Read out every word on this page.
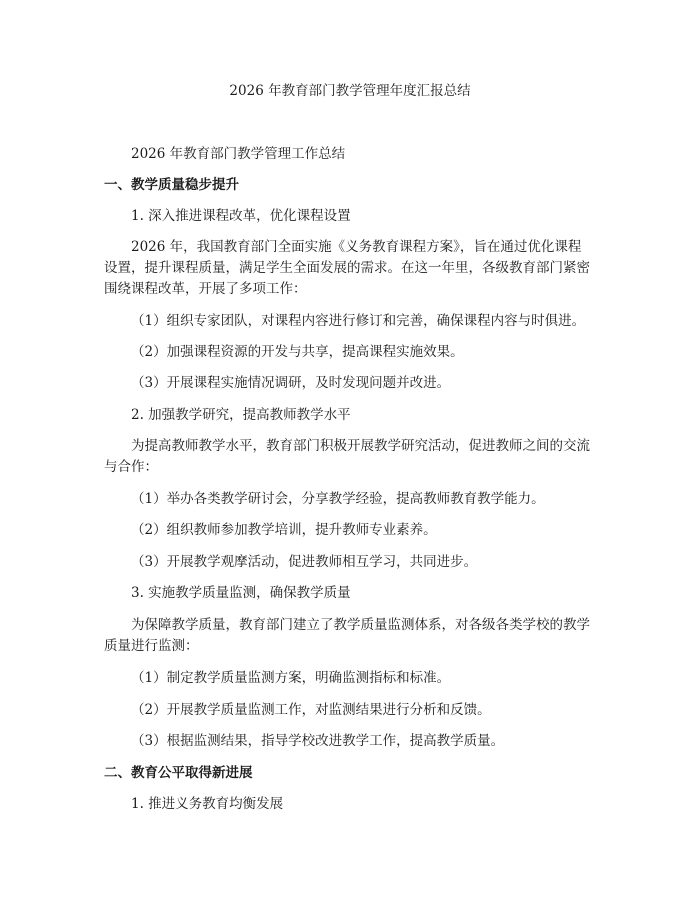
2026 年教育部门教学管理年度汇报总结
2026 年教育部门教学管理工作总结
一、教学质量稳步提升
1. 深入推进课程改革，优化课程设置
2026 年，我国教育部门全面实施《义务教育课程方案》，旨在通过优化课程
设置，提升课程质量，满足学生全面发展的需求。在这一年里，各级教育部门紧密
围绕课程改革，开展了多项工作：
（1）组织专家团队，对课程内容进行修订和完善，确保课程内容与时俱进。
（2）加强课程资源的开发与共享，提高课程实施效果。
（3）开展课程实施情况调研，及时发现问题并改进。
2. 加强教学研究，提高教师教学水平
为提高教师教学水平，教育部门积极开展教学研究活动，促进教师之间的交流
与合作：
（1）举办各类教学研讨会，分享教学经验，提高教师教育教学能力。
（2）组织教师参加教学培训，提升教师专业素养。
（3）开展教学观摩活动，促进教师相互学习，共同进步。
3. 实施教学质量监测，确保教学质量
为保障教学质量，教育部门建立了教学质量监测体系，对各级各类学校的教学
质量进行监测：
（1）制定教学质量监测方案，明确监测指标和标准。
（2）开展教学质量监测工作，对监测结果进行分析和反馈。
（3）根据监测结果，指导学校改进教学工作，提高教学质量。
二、教育公平取得新进展
1. 推进义务教育均衡发展
